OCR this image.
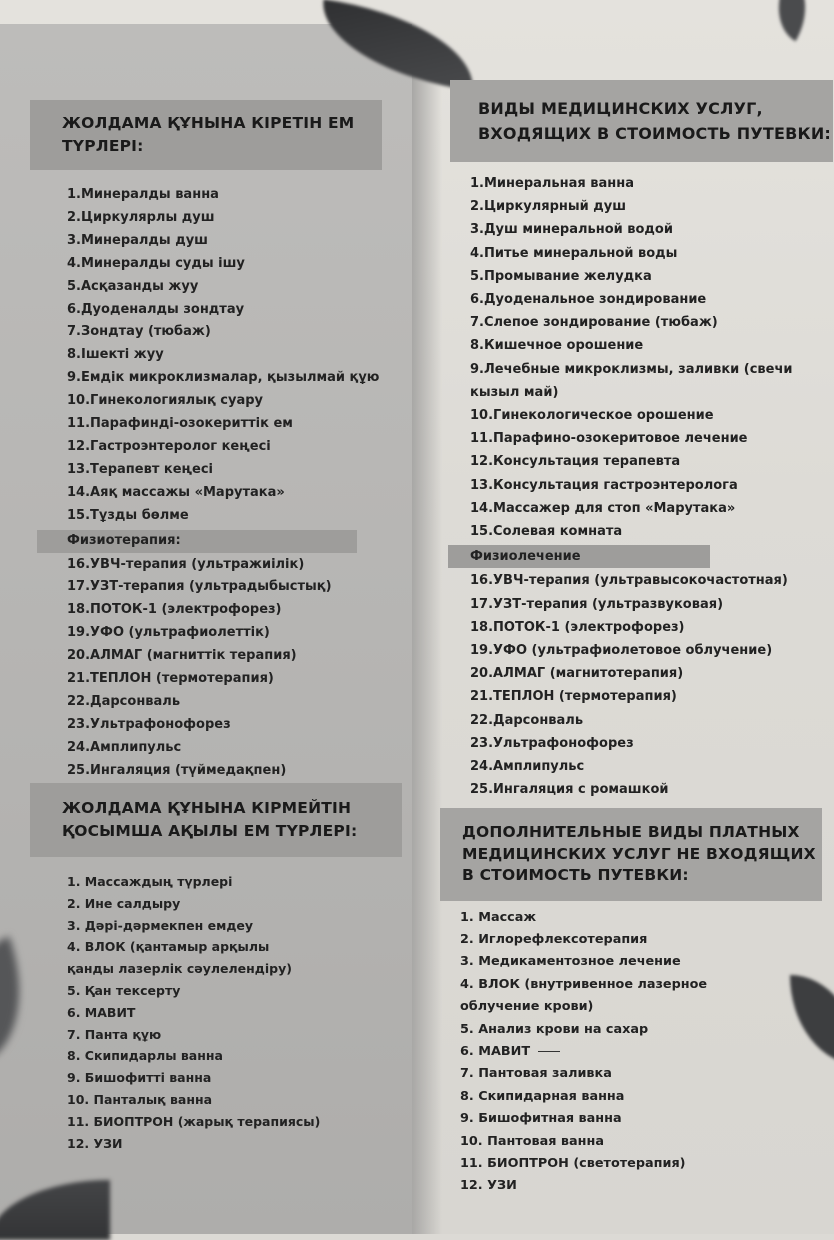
ЖОЛДАМА ҚҰНЫНА КІРЕТІН ЕМ ТҮРЛЕРІ:
1.Минералды ванна
2.Циркулярлы душ
3.Минералды душ
4.Минералды суды ішу
5.Асқазанды жуу
6.Дуоденалды зондтау
7.Зондтау (тюбаж)
8.Ішекті жуу
9.Емдік микроклизмалар, қызылмай құю
10.Гинекологиялық суару
11.Парафинді-озокериттік ем
12.Гастроэнтеролог кеңесі
13.Терапевт кеңесі
14.Аяқ массажы «Марутака»
15.Тұзды бөлме
Физиотерапия:
16.УВЧ-терапия (ультражиілік)
17.УЗТ-терапия (ультрадыбыстық)
18.ПОТОК-1 (электрофорез)
19.УФО (ультрафиолеттік)
20.АЛМАГ (магниттік терапия)
21.ТЕПЛОН (термотерапия)
22.Дарсонваль
23.Ультрафонофорез
24.Амплипульс
25.Ингаляция (түймедақпен)
ЖОЛДАМА ҚҰНЫНА КІРМЕЙТІН ҚОСЫМША АҚЫЛЫ ЕМ ТҮРЛЕРІ:
1. Массаждың түрлері
2. Ине салдыру
3. Дәрі-дәрмекпен емдеу
4. ВЛОК (қантамыр арқылы қанды лазерлік сәулелендіру)
5. Қан тексерту
6. МАВИТ
7. Панта құю
8. Скипидарлы ванна
9. Бишофитті ванна
10. Панталық ванна
11. БИОПТРОН (жарық терапиясы)
12. УЗИ
ВИДЫ МЕДИЦИНСКИХ УСЛУГ, ВХОДЯЩИХ В СТОИМОСТЬ ПУТЕВКИ:
1.Минеральная ванна
2.Циркулярный душ
3.Душ минеральной водой
4.Питье минеральной воды
5.Промывание желудка
6.Дуоденальное зондирование
7.Слепое зондирование (тюбаж)
8.Кишечное орошение
9.Лечебные микроклизмы, заливки (свечи кызыл май)
10.Гинекологическое орошение
11.Парафино-озокеритовое лечение
12.Консультация терапевта
13.Консультация гастроэнтеролога
14.Массажер для стоп «Марутака»
15.Солевая комната
Физиолечение
16.УВЧ-терапия (ультравысокочастотная)
17.УЗТ-терапия (ультразвуковая)
18.ПОТОК-1 (электрофорез)
19.УФО (ультрафиолетовое облучение)
20.АЛМАГ (магнитотерапия)
21.ТЕПЛОН (термотерапия)
22.Дарсонваль
23.Ультрафонофорез
24.Амплипульс
25.Ингаляция с ромашкой
ДОПОЛНИТЕЛЬНЫЕ ВИДЫ ПЛАТНЫХ МЕДИЦИНСКИХ УСЛУГ НЕ ВХОДЯЩИХ В СТОИМОСТЬ ПУТЕВКИ:
1. Массаж
2. Иглорефлексотерапия
3. Медикаментозное лечение
4. ВЛОК (внутривенное лазерное облучение крови)
5. Анализ крови на сахар
6. МАВИТ
7. Пантовая заливка
8. Скипидарная ванна
9. Бишофитная ванна
10. Пантовая ванна
11. БИОПТРОН (светотерапия)
12. УЗИ
